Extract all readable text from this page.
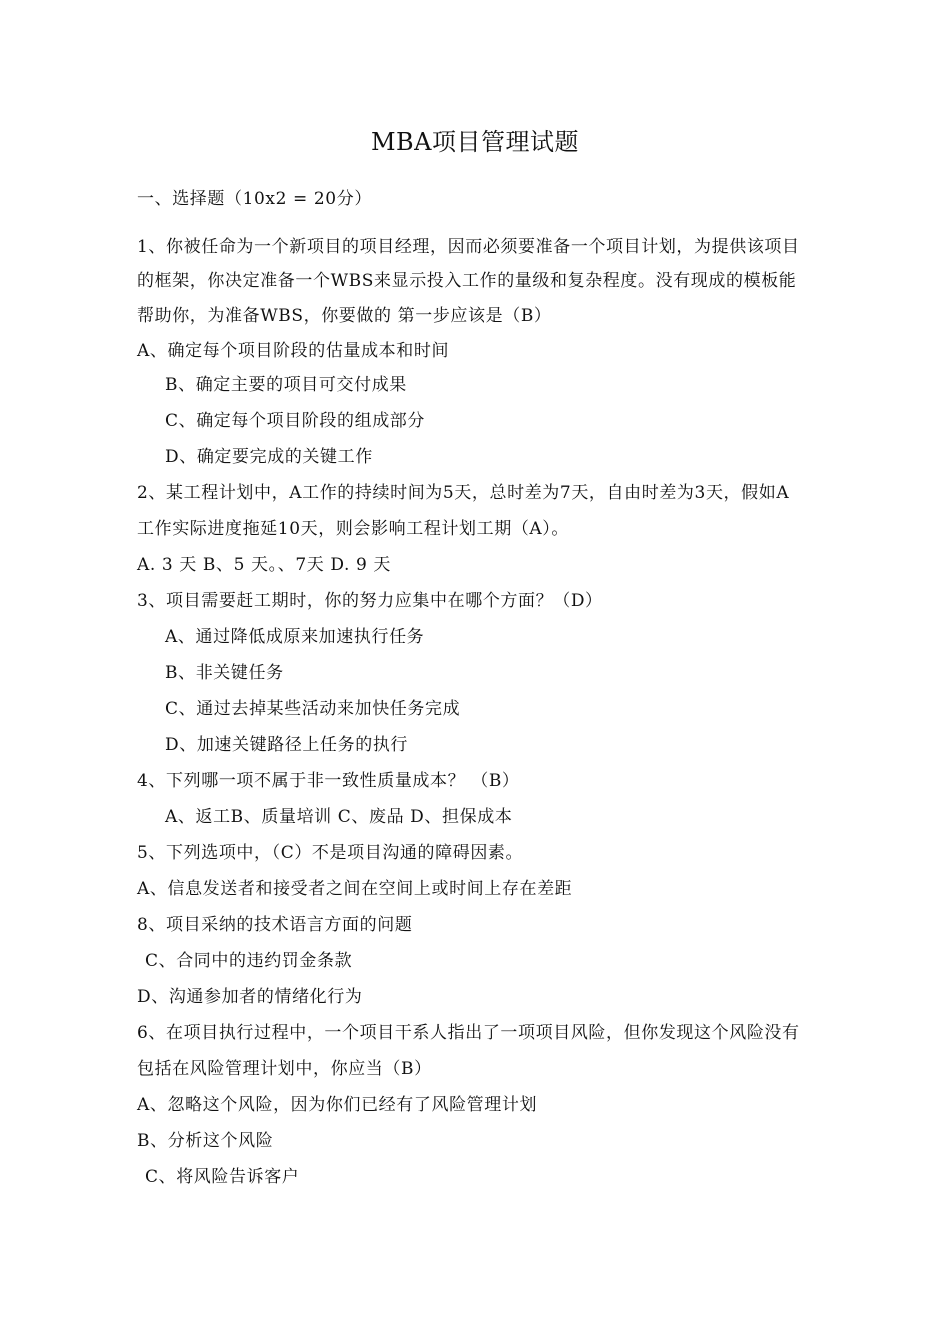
MBA项目管理试题
一、选择题（10x2 = 20分）
1、你被任命为一个新项目的项目经理，因而必须要准备一个项目计划，为提供该项目
的框架，你决定准备一个WBS来显示投入工作的量级和复杂程度。没有现成的模板能
帮助你，为准备WBS，你要做的 第一步应该是（B）
A、确定每个项目阶段的估量成本和时间
B、确定主要的项目可交付成果
C、确定每个项目阶段的组成部分
D、确定要完成的关键工作
2、某工程计划中，A工作的持续时间为5天，总时差为7天，自由时差为3天，假如A
工作实际进度拖延10天，则会影响工程计划工期（A）。
A. 3 天 B、5 天。、7天 D. 9 天
3、项目需要赶工期时，你的努力应集中在哪个方面？（D）
A、通过降低成原来加速执行任务
B、非关键任务
C、通过去掉某些活动来加快任务完成
D、加速关键路径上任务的执行
4、下列哪一项不属于非一致性质量成本？ （B）
A、返工B、质量培训 C、废品 D、担保成本
5、下列选项中，（C）不是项目沟通的障碍因素。
A、信息发送者和接受者之间在空间上或时间上存在差距
8、项目采纳的技术语言方面的问题
C、合同中的违约罚金条款
D、沟通参加者的情绪化行为
6、在项目执行过程中，一个项目干系人指出了一项项目风险，但你发现这个风险没有
包括在风险管理计划中，你应当（B）
A、忽略这个风险，因为你们已经有了风险管理计划
B、分析这个风险
C、将风险告诉客户
